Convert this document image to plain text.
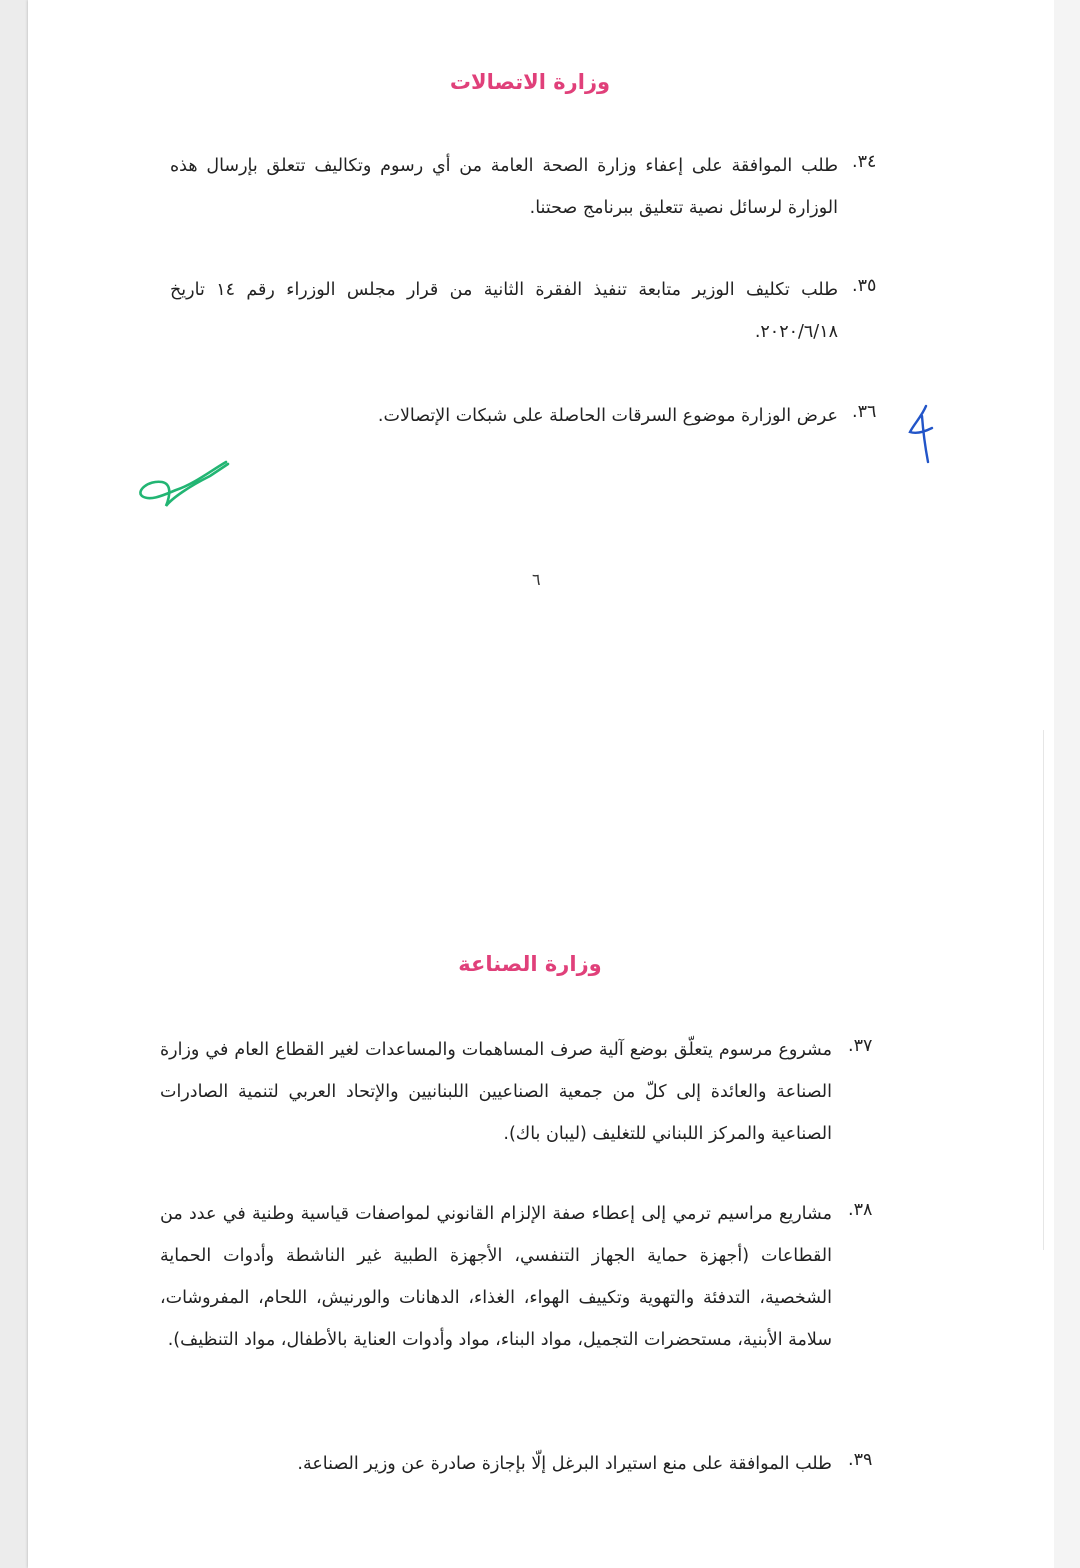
وزارة الاتصالات
٣٤.
طلب الموافقة على إعفاء وزارة الصحة العامة من أي رسوم وتكاليف تتعلق بإرسال هذه الوزارة لرسائل نصية تتعليق ببرنامج صحتنا.
٣٥.
طلب تكليف الوزير متابعة تنفيذ الفقرة الثانية من قرار مجلس الوزراء رقم ١٤ تاريخ ٢٠٢٠/٦/١٨.
٣٦.
عرض الوزارة موضوع السرقات الحاصلة على شبكات الإتصالات.
٦
وزارة الصناعة
٣٧.
مشروع مرسوم يتعلّق بوضع آلية صرف المساهمات والمساعدات لغير القطاع العام في وزارة الصناعة والعائدة إلى كلّ من جمعية الصناعيين اللبنانيين والإتحاد العربي لتنمية الصادرات الصناعية والمركز اللبناني للتغليف (ليبان باك).
٣٨.
مشاريع مراسيم ترمي إلى إعطاء صفة الإلزام القانوني لمواصفات قياسية وطنية في عدد من القطاعات (أجهزة حماية الجهاز التنفسي، الأجهزة الطبية غير الناشطة وأدوات الحماية الشخصية، التدفئة والتهوية وتكييف الهواء، الغذاء، الدهانات والورنيش، اللحام، المفروشات، سلامة الأبنية، مستحضرات التجميل، مواد البناء، مواد وأدوات العناية بالأطفال، مواد التنظيف).
٣٩.
طلب الموافقة على منع استيراد البرغل إلّا بإجازة صادرة عن وزير الصناعة.
